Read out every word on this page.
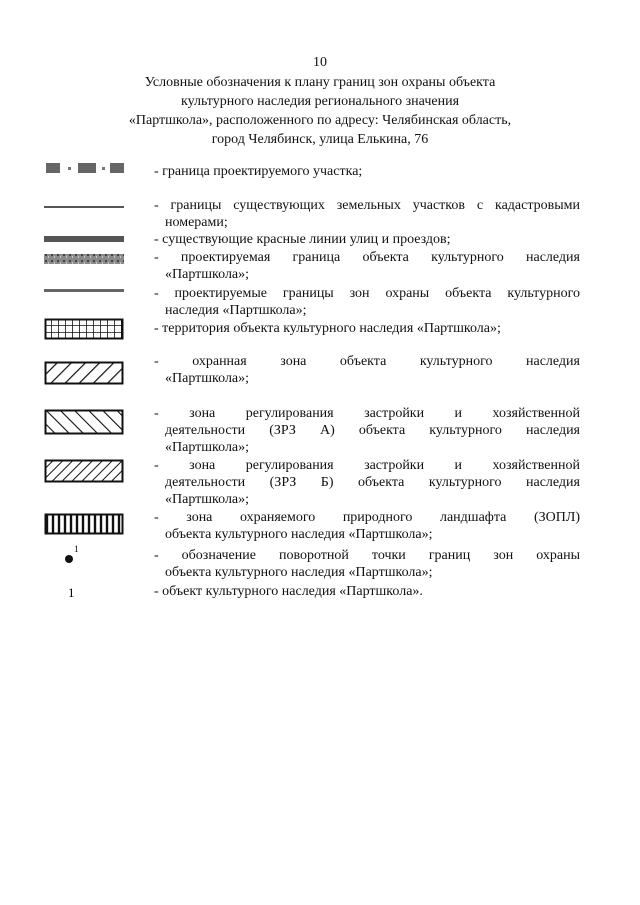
10
Условные обозначения к плану границ зон охраны объекта
культурного наследия регионального значения
«Партшкола», расположенного по адресу: Челябинская область,
город Челябинск, улица Елькина, 76
- граница проектируемого участка;
- границы существующих земельных участков с кадастровыми
номерами;
- существующие красные линии улиц и проездов;
- проектируемая граница объекта культурного наследия
«Партшкола»;
- проектируемые границы зон охраны объекта культурного
наследия «Партшкола»;
- территория объекта культурного наследия «Партшкола»;
- охранная зона объекта культурного наследия
«Партшкола»;
- зона регулирования застройки и хозяйственной
деятельности (ЗРЗ А) объекта культурного наследия
«Партшкола»;
- зона регулирования застройки и хозяйственной
деятельности (ЗРЗ Б) объекта культурного наследия
«Партшкола»;
- зона охраняемого природного ландшафта (ЗОПЛ)
объекта культурного наследия «Партшкола»;
1	- обозначение поворотной точки границ зон охраны
объекта культурного наследия «Партшкола»;
1	- объект культурного наследия «Партшкола».
